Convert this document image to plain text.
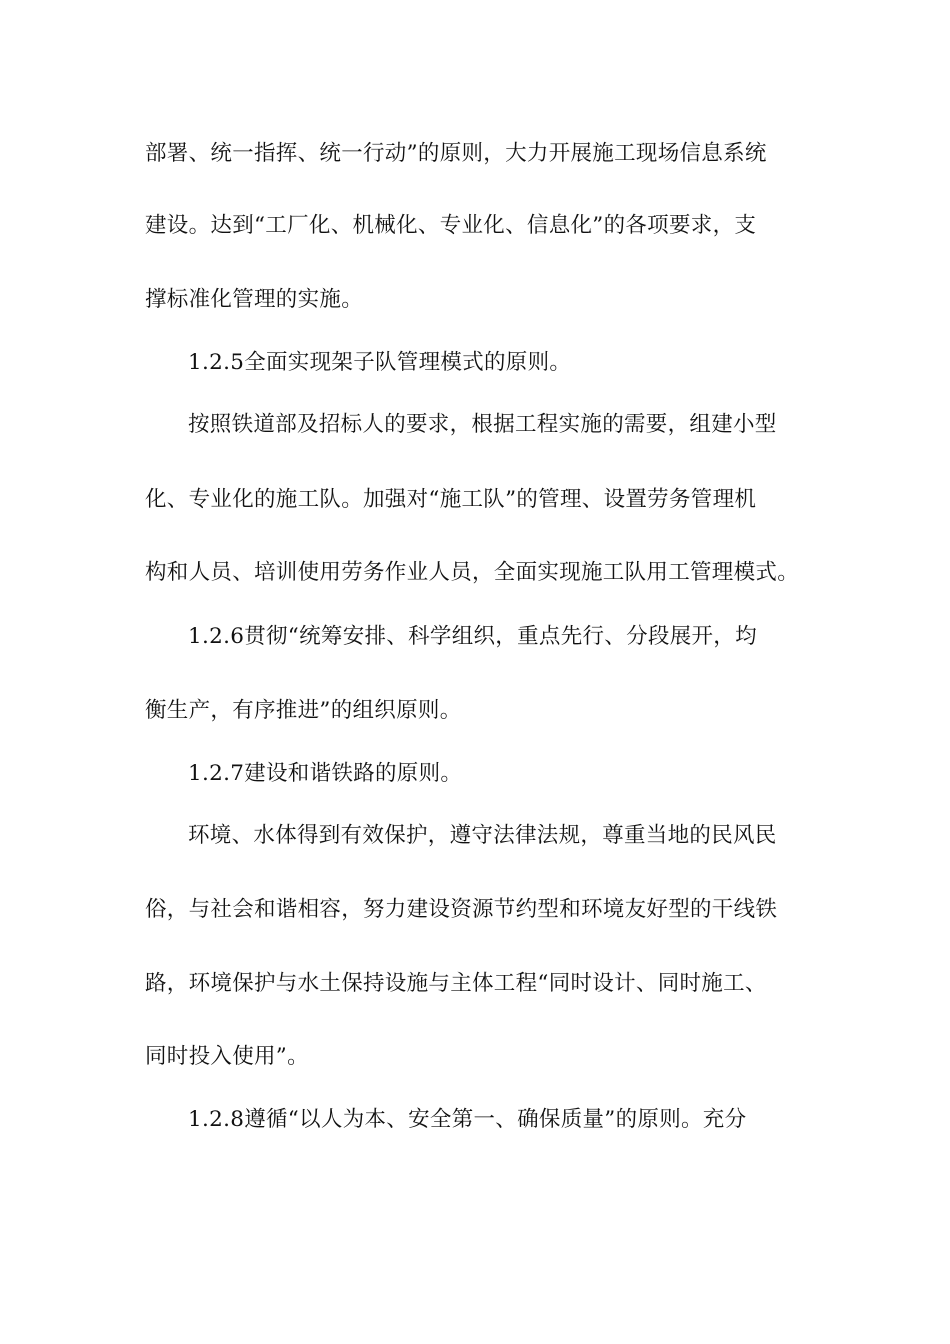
部署、统一指挥、统一行动”的原则，大力开展施工现场信息系统
建设。达到“工厂化、机械化、专业化、信息化”的各项要求，支
撑标准化管理的实施。
1.2.5全面实现架子队管理模式的原则。
按照铁道部及招标人的要求，根据工程实施的需要，组建小型
化、专业化的施工队。加强对“施工队”的管理、设置劳务管理机
构和人员、培训使用劳务作业人员，全面实现施工队用工管理模式。
1.2.6贯彻“统筹安排、科学组织，重点先行、分段展开，均
衡生产，有序推进”的组织原则。
1.2.7建设和谐铁路的原则。
环境、水体得到有效保护，遵守法律法规，尊重当地的民风民
俗，与社会和谐相容，努力建设资源节约型和环境友好型的干线铁
路，环境保护与水土保持设施与主体工程“同时设计、同时施工、
同时投入使用”。
1.2.8遵循“以人为本、安全第一、确保质量”的原则。充分
